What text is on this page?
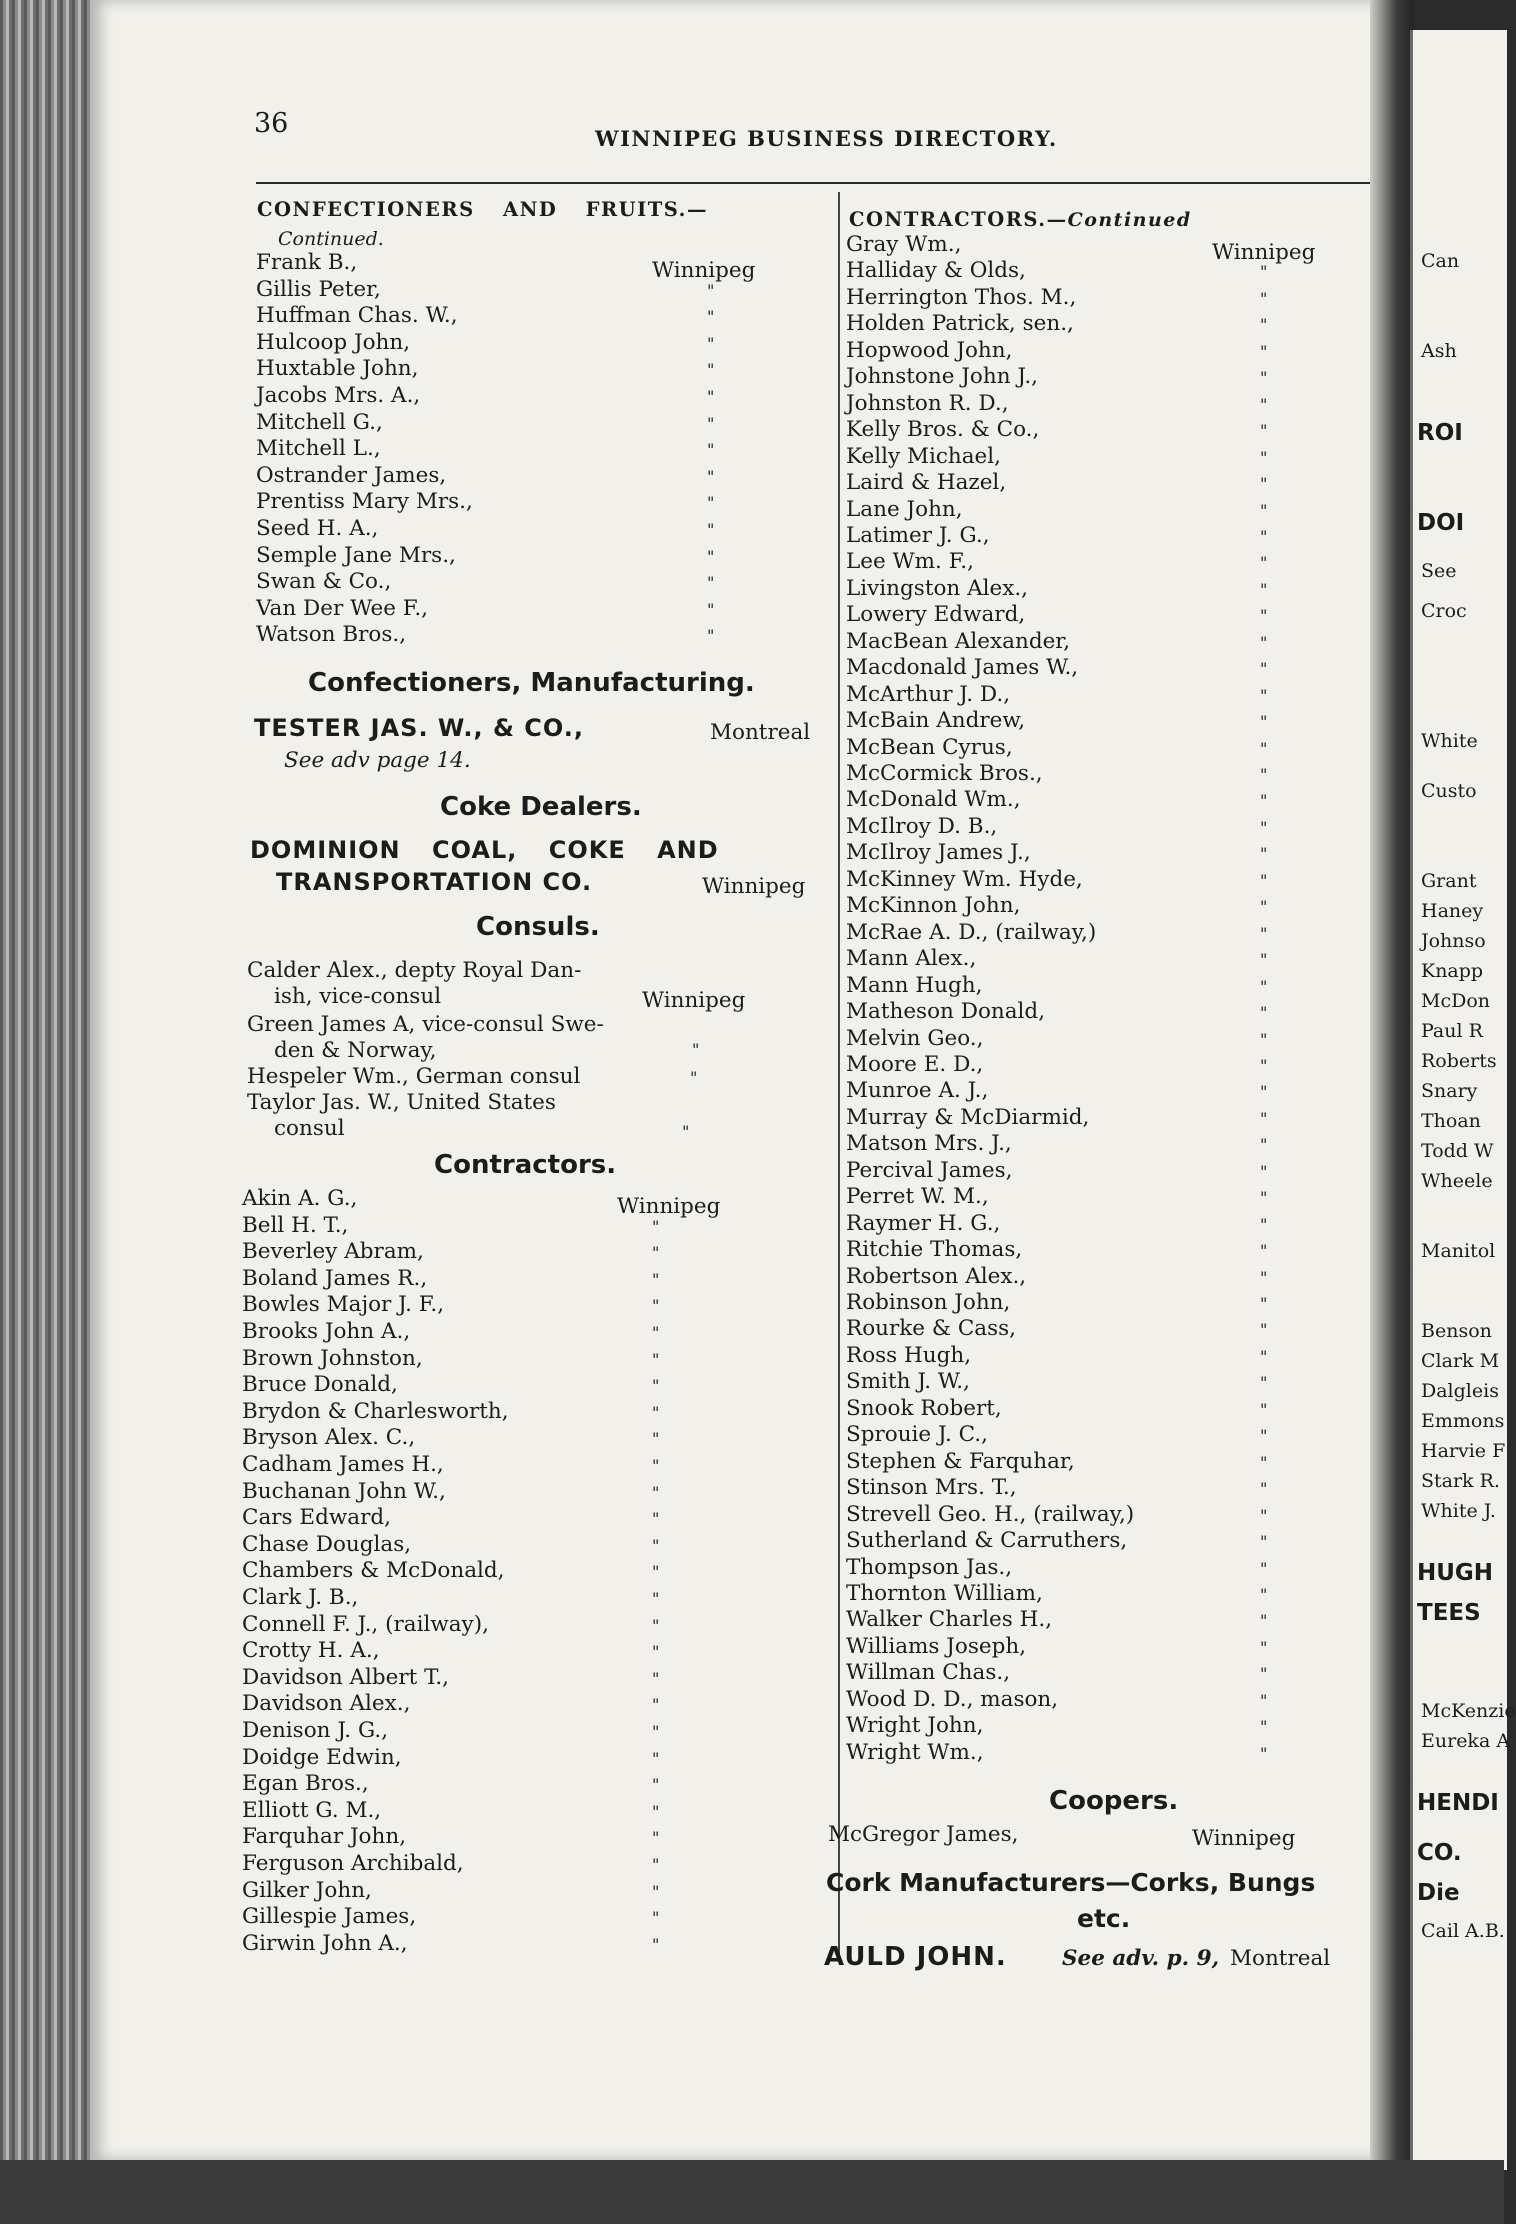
36	WINNIPEG BUSINESS DIRECTORY.
CONFECTIONERS AND FRUITS.—
Continued.
Frank B.,	Winnipeg
Gillis Peter,	"
Huffman Chas. W.,	"
Hulcoop John,	"
Huxtable John,	"
Jacobs Mrs. A.,	"
Mitchell G.,	"
Mitchell L.,	"
Ostrander James,	"
Prentiss Mary Mrs.,	"
Seed H. A.,	"
Semple Jane Mrs.,	"
Swan & Co.,	"
Van Der Wee F.,	"
Watson Bros.,	"
Confectioners, Manufacturing.
TESTER JAS. W., & CO.,	Montreal
See adv page 14.
Coke Dealers.
DOMINION COAL, COKE AND
TRANSPORTATION CO.	Winnipeg
Consuls.
Calder Alex., depty Royal Dan-
ish, vice-consul	Winnipeg
Green James A, vice-consul Swe-
den & Norway,	"
Hespeler Wm., German consul	"
Taylor Jas. W., United States
consul	"
Contractors.
Akin A. G.,	Winnipeg
Bell H. T.,	"
Beverley Abram,	"
Boland James R.,	"
Bowles Major J. F.,	"
Brooks John A.,	"
Brown Johnston,	"
Bruce Donald,	"
Brydon & Charlesworth,	"
Bryson Alex. C.,	"
Cadham James H.,	"
Buchanan John W.,	"
Cars Edward,	"
Chase Douglas,	"
Chambers & McDonald,	"
Clark J. B.,	"
Connell F. J., (railway),	"
Crotty H. A.,	"
Davidson Albert T.,	"
Davidson Alex.,	"
Denison J. G.,	"
Doidge Edwin,	"
Egan Bros.,	"
Elliott G. M.,	"
Farquhar John,	"
Ferguson Archibald,	"
Gilker John,	"
Gillespie James,	"
Girwin John A.,	"
CONTRACTORS.—Continued
Gray Wm.,	Winnipeg
Halliday & Olds,	"
Herrington Thos. M.,	"
Holden Patrick, sen.,	"
Hopwood John,	"
Johnstone John J.,	"
Johnston R. D.,	"
Kelly Bros. & Co.,	"
Kelly Michael,	"
Laird & Hazel,	"
Lane John,	"
Latimer J. G.,	"
Lee Wm. F.,	"
Livingston Alex.,	"
Lowery Edward,	"
MacBean Alexander,	"
Macdonald James W.,	"
McArthur J. D.,	"
McBain Andrew,	"
McBean Cyrus,	"
McCormick Bros.,	"
McDonald Wm.,	"
McIlroy D. B.,	"
McIlroy James J.,	"
McKinney Wm. Hyde,	"
McKinnon John,	"
McRae A. D., (railway,)	"
Mann Alex.,	"
Mann Hugh,	"
Matheson Donald,	"
Melvin Geo.,	"
Moore E. D.,	"
Munroe A. J.,	"
Murray & McDiarmid,	"
Matson Mrs. J.,	"
Percival James,	"
Perret W. M.,	"
Raymer H. G.,	"
Ritchie Thomas,	"
Robertson Alex.,	"
Robinson John,	"
Rourke & Cass,	"
Ross Hugh,	"
Smith J. W.,	"
Snook Robert,	"
Sprouie J. C.,	"
Stephen & Farquhar,	"
Stinson Mrs. T.,	"
Strevell Geo. H., (railway,)	"
Sutherland & Carruthers,	"
Thompson Jas.,	"
Thornton William,	"
Walker Charles H.,	"
Williams Joseph,	"
Willman Chas.,	"
Wood D. D., mason,	"
Wright John,	"
Wright Wm.,	"
Coopers.
McGregor James,	Winnipeg
Cork Manufacturers—Corks, Bungs
etc.
AULD JOHN.	See adv. p. 9, Montreal
Can
Ash
ROI
DOI
See
Croc
White
Custo
Grant
Haney
Johnso
Knapp
McDon
Paul R
Roberts
Snary
Thoan
Todd W
Wheele
Manitol
Benson
Clark M
Dalgleis
Emmons
Harvie F
Stark R.
White J.
HUGH
TEES
McKenzie
Eureka A
HENDI
CO.
Die
Cail A.B.
